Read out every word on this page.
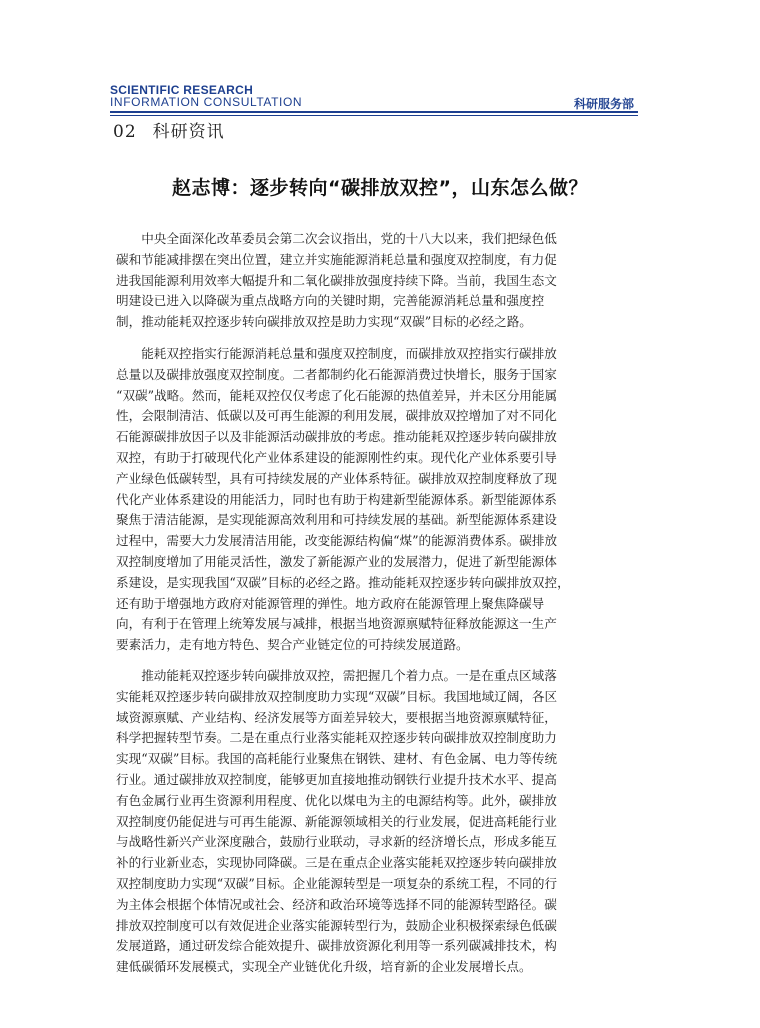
SCIENTIFIC RESEARCH
INFORMATION CONSULTATION	科研服务部
02 科研资讯
赵志博：逐步转向“碳排放双控”，山东怎么做？
　　中央全面深化改革委员会第二次会议指出，党的十八大以来，我们把绿色低
碳和节能减排摆在突出位置，建立并实施能源消耗总量和强度双控制度，有力促
进我国能源利用效率大幅提升和二氧化碳排放强度持续下降。当前，我国生态文
明建设已进入以降碳为重点战略方向的关键时期，完善能源消耗总量和强度控
制，推动能耗双控逐步转向碳排放双控是助力实现“双碳”目标的必经之路。
　　能耗双控指实行能源消耗总量和强度双控制度，而碳排放双控指实行碳排放
总量以及碳排放强度双控制度。二者都制约化石能源消费过快增长，服务于国家
“双碳”战略。然而，能耗双控仅仅考虑了化石能源的热值差异，并未区分用能属
性，会限制清洁、低碳以及可再生能源的利用发展，碳排放双控增加了对不同化
石能源碳排放因子以及非能源活动碳排放的考虑。推动能耗双控逐步转向碳排放
双控，有助于打破现代化产业体系建设的能源刚性约束。现代化产业体系要引导
产业绿色低碳转型，具有可持续发展的产业体系特征。碳排放双控制度释放了现
代化产业体系建设的用能活力，同时也有助于构建新型能源体系。新型能源体系
聚焦于清洁能源，是实现能源高效利用和可持续发展的基础。新型能源体系建设
过程中，需要大力发展清洁用能，改变能源结构偏“煤”的能源消费体系。碳排放
双控制度增加了用能灵活性，激发了新能源产业的发展潜力，促进了新型能源体
系建设，是实现我国“双碳”目标的必经之路。推动能耗双控逐步转向碳排放双控，
还有助于增强地方政府对能源管理的弹性。地方政府在能源管理上聚焦降碳导
向，有利于在管理上统筹发展与减排，根据当地资源禀赋特征释放能源这一生产
要素活力，走有地方特色、契合产业链定位的可持续发展道路。
　　推动能耗双控逐步转向碳排放双控，需把握几个着力点。一是在重点区域落
实能耗双控逐步转向碳排放双控制度助力实现“双碳”目标。我国地域辽阔，各区
域资源禀赋、产业结构、经济发展等方面差异较大，要根据当地资源禀赋特征，
科学把握转型节奏。二是在重点行业落实能耗双控逐步转向碳排放双控制度助力
实现“双碳”目标。我国的高耗能行业聚焦在钢铁、建材、有色金属、电力等传统
行业。通过碳排放双控制度，能够更加直接地推动钢铁行业提升技术水平、提高
有色金属行业再生资源利用程度、优化以煤电为主的电源结构等。此外，碳排放
双控制度仍能促进与可再生能源、新能源领域相关的行业发展，促进高耗能行业
与战略性新兴产业深度融合，鼓励行业联动，寻求新的经济增长点，形成多能互
补的行业新业态，实现协同降碳。三是在重点企业落实能耗双控逐步转向碳排放
双控制度助力实现“双碳”目标。企业能源转型是一项复杂的系统工程，不同的行
为主体会根据个体情况或社会、经济和政治环境等选择不同的能源转型路径。碳
排放双控制度可以有效促进企业落实能源转型行为，鼓励企业积极探索绿色低碳
发展道路，通过研发综合能效提升、碳排放资源化利用等一系列碳减排技术，构
建低碳循环发展模式，实现全产业链优化升级，培育新的企业发展增长点。
